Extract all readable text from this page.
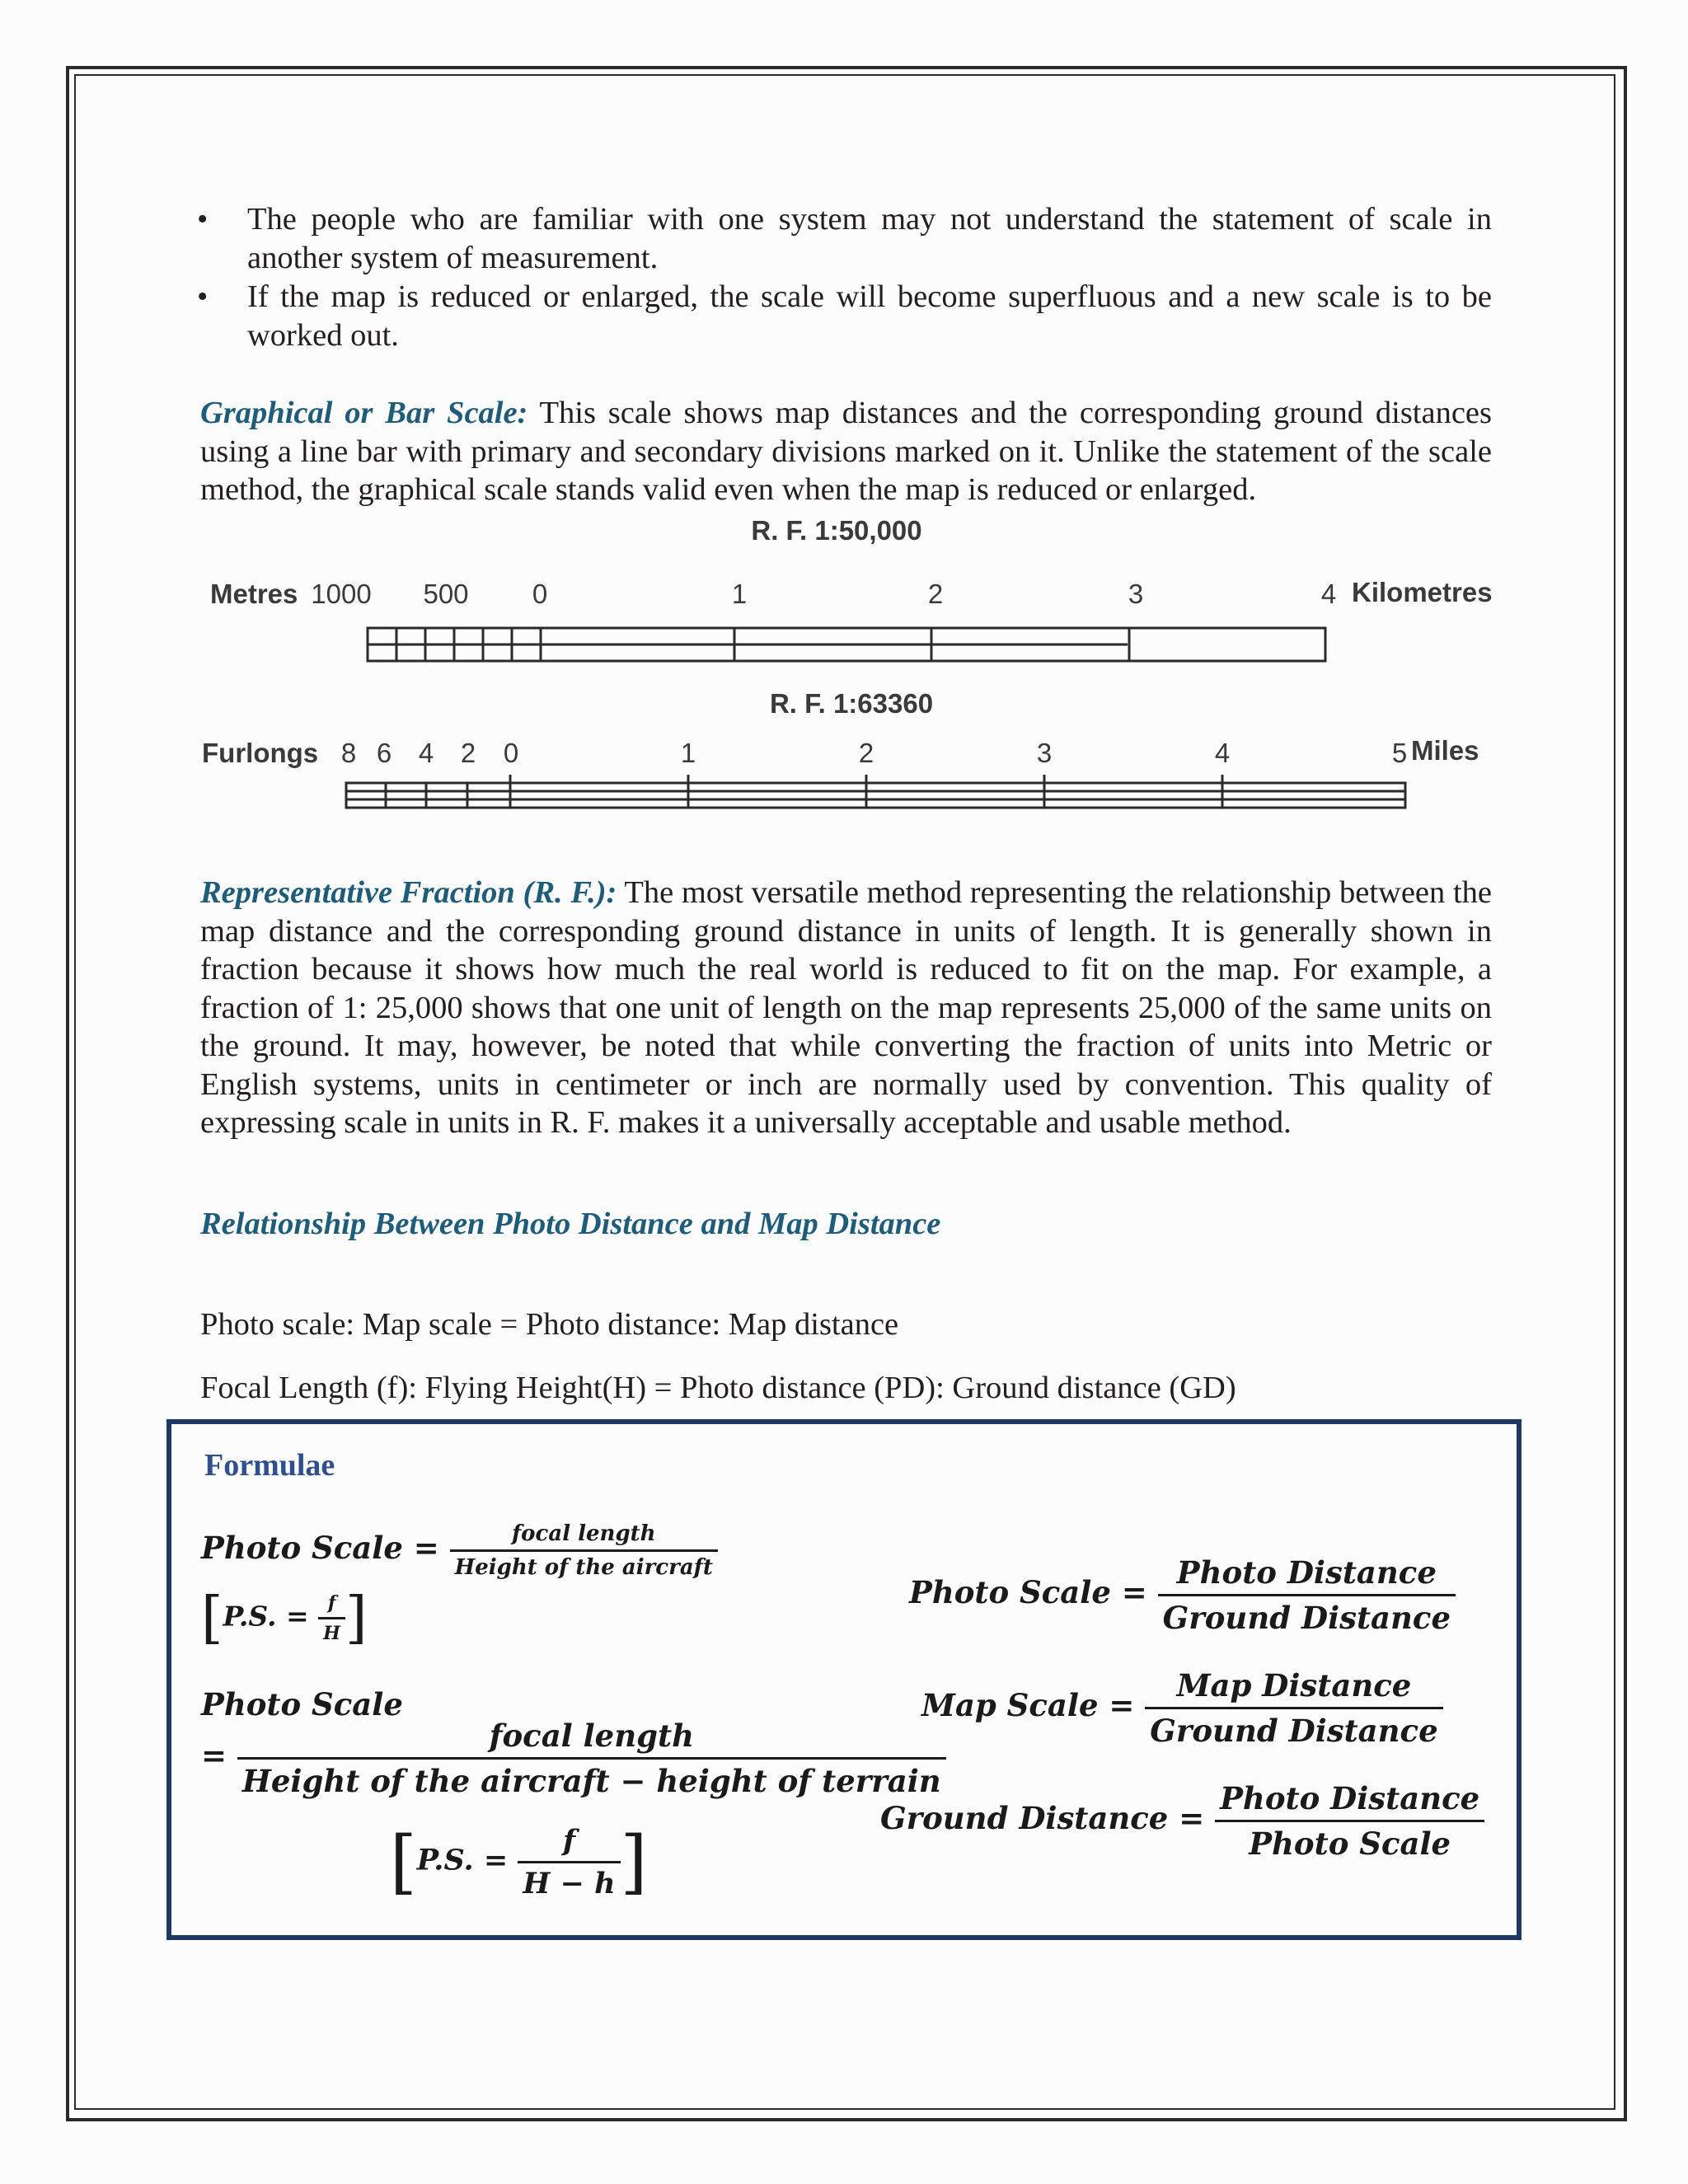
• The people who are familiar with one system may not understand the statement of scale in another system of measurement.
• If the map is reduced or enlarged, the scale will become superfluous and a new scale is to be worked out.

Graphical or Bar Scale: This scale shows map distances and the corresponding ground distances using a line bar with primary and secondary divisions marked on it. Unlike the statement of the scale method, the graphical scale stands valid even when the map is reduced or enlarged.

R. F. 1:50,000
Metres	Kilometres
1000 500 0	1	2	3	4
R. F. 1:63360
Furlongs	Miles
8 6 4 2 0	1	2	3	4	5

Representative Fraction (R. F.): The most versatile method representing the relationship between the map distance and the corresponding ground distance in units of length. It is generally shown in fraction because it shows how much the real world is reduced to fit on the map. For example, a fraction of 1: 25,000 shows that one unit of length on the map represents 25,000 of the same units on the ground. It may, however, be noted that while converting the fraction of units into Metric or English systems, units in centimeter or inch are normally used by convention. This quality of expressing scale in units in R. F. makes it a universally acceptable and usable method.

Relationship Between Photo Distance and Map Distance
Photo scale: Map scale = Photo distance: Map distance
Focal Length (f): Flying Height(H) = Photo distance (PD): Ground distance (GD)
Formulae
Photo Scale = $\frac{\text{focal length}}{\text{Height of the aircraft}}$
[P.S. = $\frac{f}{H}$ ]
Photo Scale
= $\frac{\text{focal length}}{\text{Height of the aircraft − height of terrain}}$
[P.S. = $\frac{f}{H - h}$ ]
Photo Scale = $\frac{\text{Photo Distance}}{\text{Ground Distance}}$
Map Scale = $\frac{\text{Map Distance}}{\text{Ground Distance}}$
Ground Distance = $\frac{\text{Photo Distance}}{\text{Photo Scale}}$
